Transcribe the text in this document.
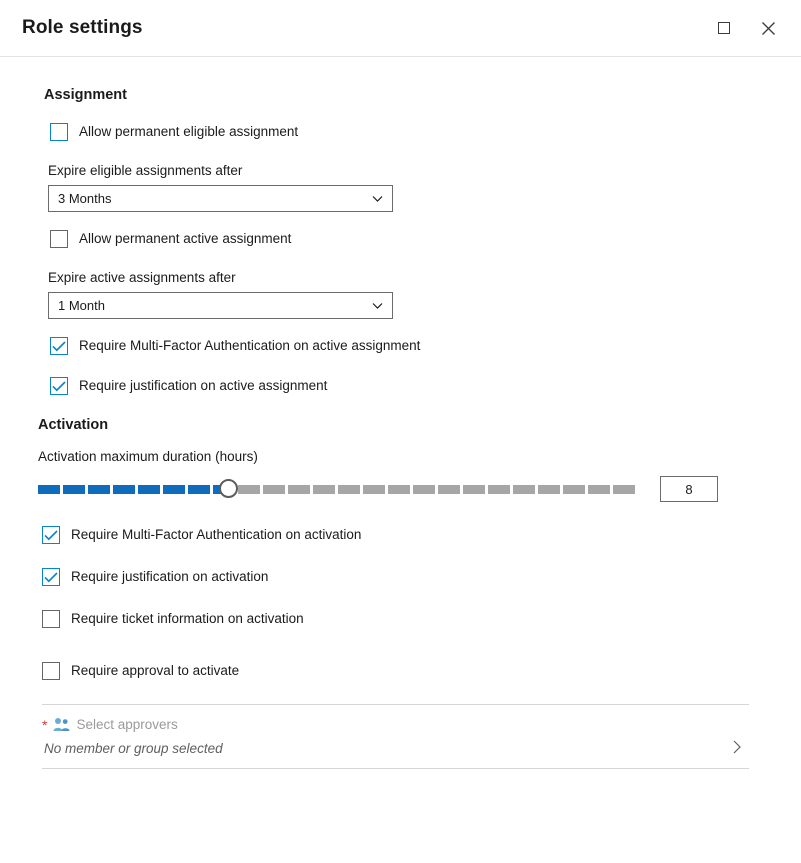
Role settings
Assignment
Allow permanent eligible assignment
Expire eligible assignments after
3 Months
Allow permanent active assignment
Expire active assignments after
1 Month
Require Multi-Factor Authentication on active assignment
Require justification on active assignment
Activation
Activation maximum duration (hours)
8
Require Multi-Factor Authentication on activation
Require justification on activation
Require ticket information on activation
Require approval to activate
* Select approvers
No member or group selected
